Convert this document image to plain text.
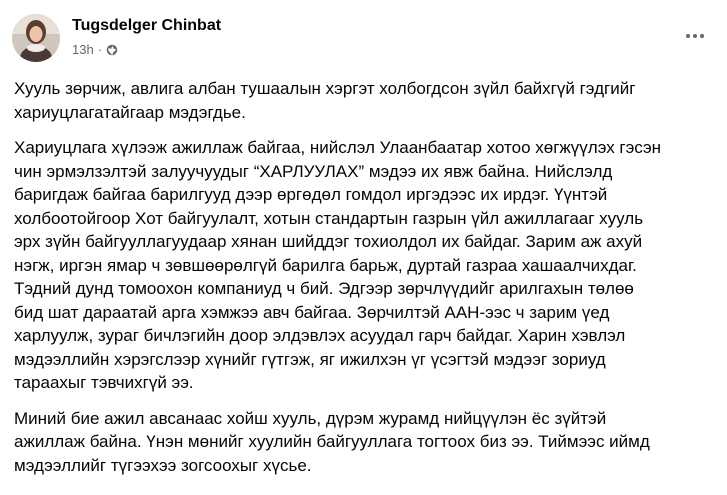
Tugsdelger Chinbat
13h ·

Хууль зөрчиж, авлига албан тушаалын хэргэт холбогдсон зүйл байхгүй гэдгийг
хариуцлагатайгаар мэдэгдье.

Хариуцлага хүлээж ажиллаж байгаа, нийслэл Улаанбаатар хотоо хөгжүүлэх гэсэн
чин эрмэлзэлтэй залуучуудыг “ХАРЛУУЛАХ” мэдээ их явж байна. Нийслэлд
баригдаж байгаа барилгууд дээр өргөдөл гомдол иргэдээс их ирдэг. Үүнтэй
холбоотойгоор Хот байгуулалт, хотын стандартын газрын үйл ажиллагааг хууль
эрх зүйн байгууллагуудаар хянан шийддэг тохиолдол их байдаг. Зарим аж ахуй
нэгж, иргэн ямар ч зөвшөөрөлгүй барилга барьж, дуртай газраа хашаалчихдаг.
Тэдний дунд томоохон компаниуд ч бий. Эдгээр зөрчлүүдийг арилгахын төлөө
бид шат дараатай арга хэмжээ авч байгаа. Зөрчилтэй ААН-ээс ч зарим үед
харлуулж, зураг бичлэгийн доор элдэвлэх асуудал гарч байдаг. Харин хэвлэл
мэдээллийн хэрэгслээр хүнийг гүтгэж, яг ижилхэн үг үсэгтэй мэдээг зориуд
тараахыг тэвчихгүй ээ.

Миний бие ажил авсанаас хойш хууль, дүрэм журамд нийцүүлэн ёс зүйтэй
ажиллаж байна. Үнэн мөнийг хуулийн байгууллага тогтоох биз ээ. Тиймээс иймд
мэдээллийг түгээхээ зогсоохыг хүсье.
